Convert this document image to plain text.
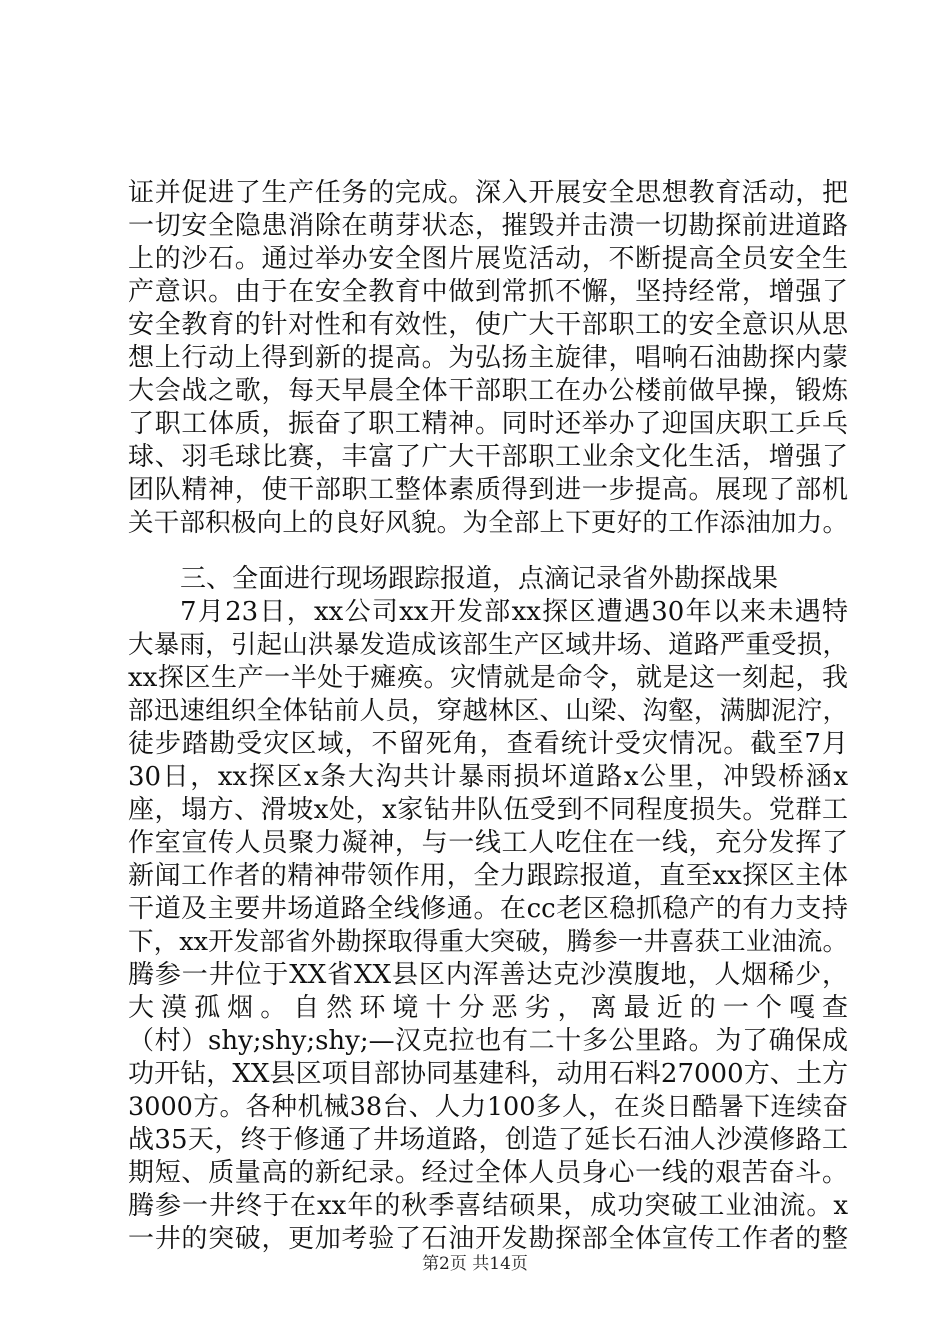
证并促进了生产任务的完成。深入开展安全思想教育活动，把
一切安全隐患消除在萌芽状态，摧毁并击溃一切勘探前进道路
上的沙石。通过举办安全图片展览活动，不断提高全员安全生
产意识。由于在安全教育中做到常抓不懈，坚持经常，增强了
安全教育的针对性和有效性，使广大干部职工的安全意识从思
想上行动上得到新的提高。为弘扬主旋律，唱响石油勘探内蒙
大会战之歌，每天早晨全体干部职工在办公楼前做早操，锻炼
了职工体质，振奋了职工精神。同时还举办了迎国庆职工乒乓
球、羽毛球比赛，丰富了广大干部职工业余文化生活，增强了
团队精神，使干部职工整体素质得到进一步提高。展现了部机
关干部积极向上的良好风貌。为全部上下更好的工作添油加力。
三、全面进行现场跟踪报道，点滴记录省外勘探战果
7月23日，xx公司xx开发部xx探区遭遇30年以来未遇特
大暴雨，引起山洪暴发造成该部生产区域井场、道路严重受损，
xx探区生产一半处于瘫痪。灾情就是命令，就是这一刻起，我
部迅速组织全体钻前人员，穿越林区、山梁、沟壑，满脚泥泞，
徒步踏勘受灾区域，不留死角，查看统计受灾情况。截至7月
30日，xx探区x条大沟共计暴雨损坏道路x公里，冲毁桥涵x
座，塌方、滑坡x处，x家钻井队伍受到不同程度损失。党群工
作室宣传人员聚力凝神，与一线工人吃住在一线，充分发挥了
新闻工作者的精神带领作用，全力跟踪报道，直至xx探区主体
干道及主要井场道路全线修通。在cc老区稳抓稳产的有力支持
下，xx开发部省外勘探取得重大突破，腾参一井喜获工业油流。
腾参一井位于XX省XX县区内浑善达克沙漠腹地，人烟稀少，
大漠孤烟。自然环境十分恶劣，离最近的一个嘎查
（村）shy;shy;shy;—汉克拉也有二十多公里路。为了确保成
功开钻，XX县区项目部协同基建科，动用石料27000方、土方
3000方。各种机械38台、人力100多人，在炎日酷暑下连续奋
战35天，终于修通了井场道路，创造了延长石油人沙漠修路工
期短、质量高的新纪录。经过全体人员身心一线的艰苦奋斗。
腾参一井终于在xx年的秋季喜结硕果，成功突破工业油流。x
一井的突破，更加考验了石油开发勘探部全体宣传工作者的整
第2页 共14页
